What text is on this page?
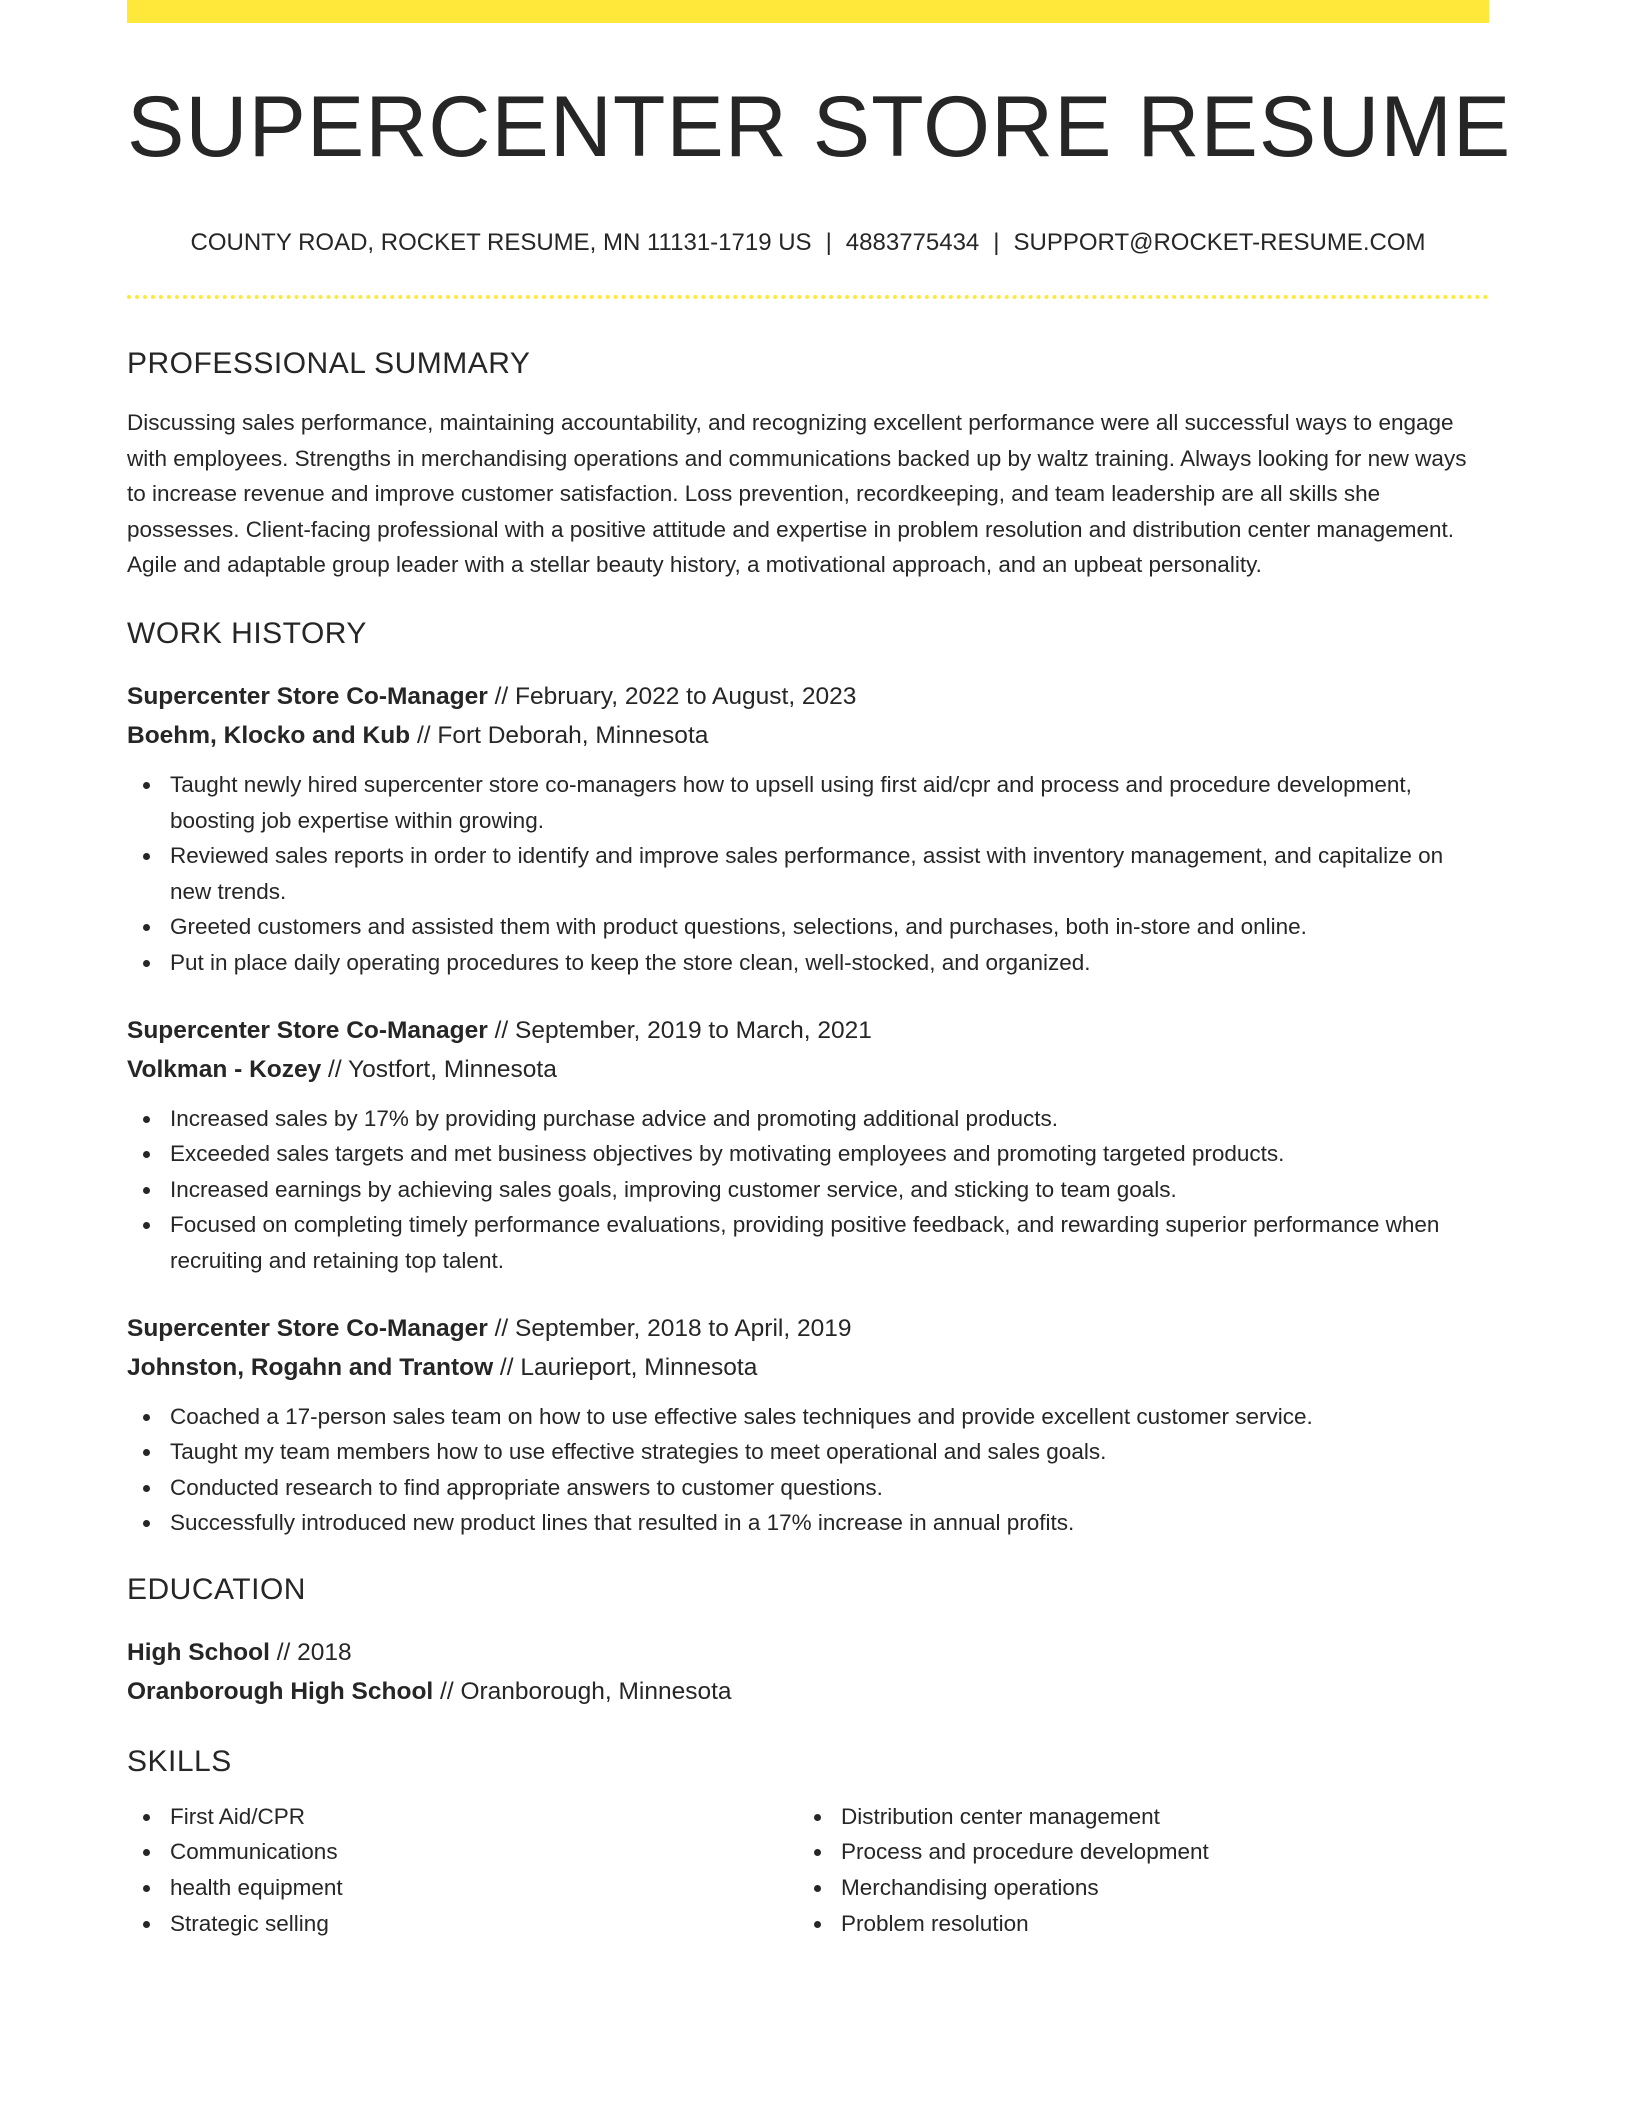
SUPERCENTER STORE RESUME
COUNTY ROAD, ROCKET RESUME, MN 11131-1719 US | 4883775434 | SUPPORT@ROCKET-RESUME.COM
PROFESSIONAL SUMMARY

Discussing sales performance, maintaining accountability, and recognizing excellent performance were all successful ways to engage with employees. Strengths in merchandising operations and communications backed up by waltz training. Always looking for new ways to increase revenue and improve customer satisfaction. Loss prevention, recordkeeping, and team leadership are all skills she possesses. Client-facing professional with a positive attitude and expertise in problem resolution and distribution center management. Agile and adaptable group leader with a stellar beauty history, a motivational approach, and an upbeat personality.

WORK HISTORY
Supercenter Store Co-Manager // February, 2022 to August, 2023
Boehm, Klocko and Kub // Fort Deborah, Minnesota
Taught newly hired supercenter store co-managers how to upsell using first aid/cpr and process and procedure development, boosting job expertise within growing.
Reviewed sales reports in order to identify and improve sales performance, assist with inventory management, and capitalize on new trends.
Greeted customers and assisted them with product questions, selections, and purchases, both in-store and online.
Put in place daily operating procedures to keep the store clean, well-stocked, and organized.
Supercenter Store Co-Manager // September, 2019 to March, 2021
Volkman - Kozey // Yostfort, Minnesota
Increased sales by 17% by providing purchase advice and promoting additional products.
Exceeded sales targets and met business objectives by motivating employees and promoting targeted products.
Increased earnings by achieving sales goals, improving customer service, and sticking to team goals.
Focused on completing timely performance evaluations, providing positive feedback, and rewarding superior performance when recruiting and retaining top talent.
Supercenter Store Co-Manager // September, 2018 to April, 2019
Johnston, Rogahn and Trantow // Laurieport, Minnesota
Coached a 17-person sales team on how to use effective sales techniques and provide excellent customer service.
Taught my team members how to use effective strategies to meet operational and sales goals.
Conducted research to find appropriate answers to customer questions.
Successfully introduced new product lines that resulted in a 17% increase in annual profits.
EDUCATION
High School // 2018
Oranborough High School // Oranborough, Minnesota
SKILLS
First Aid/CPR
Communications
health equipment
Strategic selling
Distribution center management
Process and procedure development
Merchandising operations
Problem resolution
